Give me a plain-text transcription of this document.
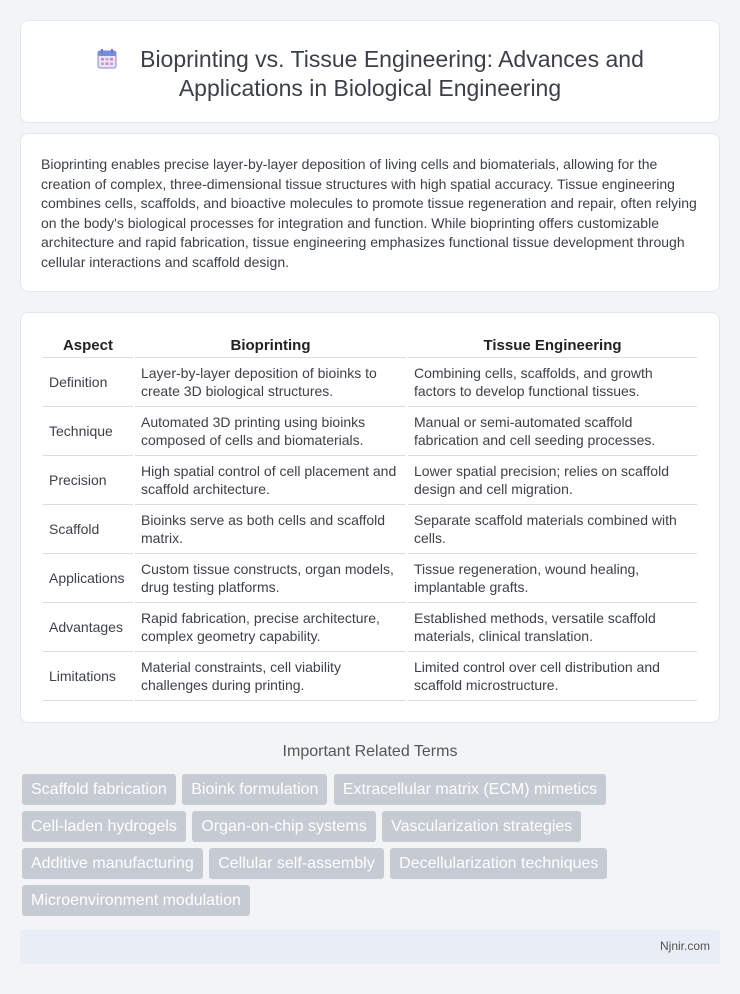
Bioprinting vs. Tissue Engineering: Advances and
Applications in Biological Engineering

Bioprinting enables precise layer-by-layer deposition of living cells and biomaterials, allowing for the creation of complex, three-dimensional tissue structures with high spatial accuracy. Tissue engineering combines cells, scaffolds, and bioactive molecules to promote tissue regeneration and repair, often relying on the body's biological processes for integration and function. While bioprinting offers customizable architecture and rapid fabrication, tissue engineering emphasizes functional tissue development through cellular interactions and scaffold design.

Aspect	Bioprinting	Tissue Engineering
Definition	Layer-by-layer deposition of bioinks to create 3D biological structures.	Combining cells, scaffolds, and growth factors to develop functional tissues.
Technique	Automated 3D printing using bioinks composed of cells and biomaterials.	Manual or semi-automated scaffold fabrication and cell seeding processes.
Precision	High spatial control of cell placement and scaffold architecture.	Lower spatial precision; relies on scaffold design and cell migration.
Scaffold	Bioinks serve as both cells and scaffold matrix.	Separate scaffold materials combined with cells.
Applications	Custom tissue constructs, organ models, drug testing platforms.	Tissue regeneration, wound healing, implantable grafts.
Advantages	Rapid fabrication, precise architecture, complex geometry capability.	Established methods, versatile scaffold materials, clinical translation.
Limitations	Material constraints, cell viability challenges during printing.	Limited control over cell distribution and scaffold microstructure.
Important Related Terms
Scaffold fabrication Bioink formulation Extracellular matrix (ECM) mimetics
Cell-laden hydrogels Organ-on-chip systems Vascularization strategies
Additive manufacturing Cellular self-assembly Decellularization techniques
Microenvironment modulation
Njnir.com
